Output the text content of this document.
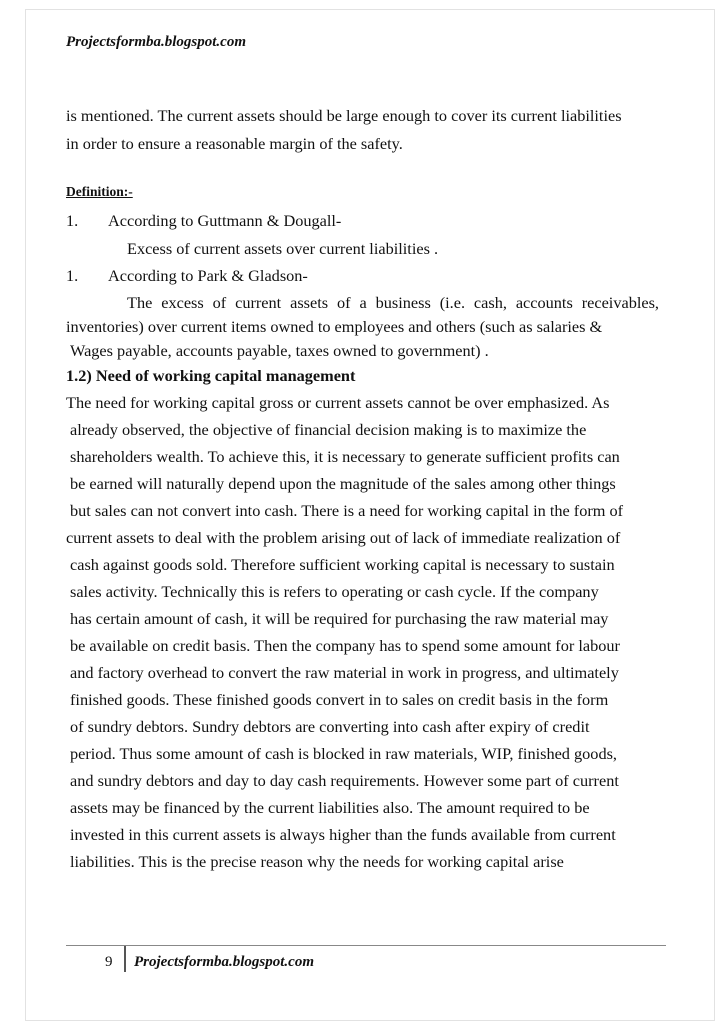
Projectsformba.blogspot.com
is mentioned. The current assets should be large enough to cover its current liabilities
in order to ensure a reasonable margin of the safety.
Definition:-
1. According to Guttmann & Dougall-
Excess of current assets over current liabilities .
1. According to Park & Gladson-
The excess of current assets of a business (i.e. cash, accounts receivables,
inventories) over current items owned to employees and others (such as salaries &
Wages payable, accounts payable, taxes owned to government) .
1.2) Need of working capital management
The need for working capital gross or current assets cannot be over emphasized. As
already observed, the objective of financial decision making is to maximize the
shareholders wealth. To achieve this, it is necessary to generate sufficient profits can
be earned will naturally depend upon the magnitude of the sales among other things
but sales can not convert into cash. There is a need for working capital in the form of
current assets to deal with the problem arising out of lack of immediate realization of
cash against goods sold. Therefore sufficient working capital is necessary to sustain
sales activity. Technically this is refers to operating or cash cycle. If the company
has certain amount of cash, it will be required for purchasing the raw material may
be available on credit basis. Then the company has to spend some amount for labour
and factory overhead to convert the raw material in work in progress, and ultimately
finished goods. These finished goods convert in to sales on credit basis in the form
of sundry debtors. Sundry debtors are converting into cash after expiry of credit
period. Thus some amount of cash is blocked in raw materials, WIP, finished goods,
and sundry debtors and day to day cash requirements. However some part of current
assets may be financed by the current liabilities also. The amount required to be
invested in this current assets is always higher than the funds available from current
liabilities. This is the precise reason why the needs for working capital arise
9 Projectsformba.blogspot.com
